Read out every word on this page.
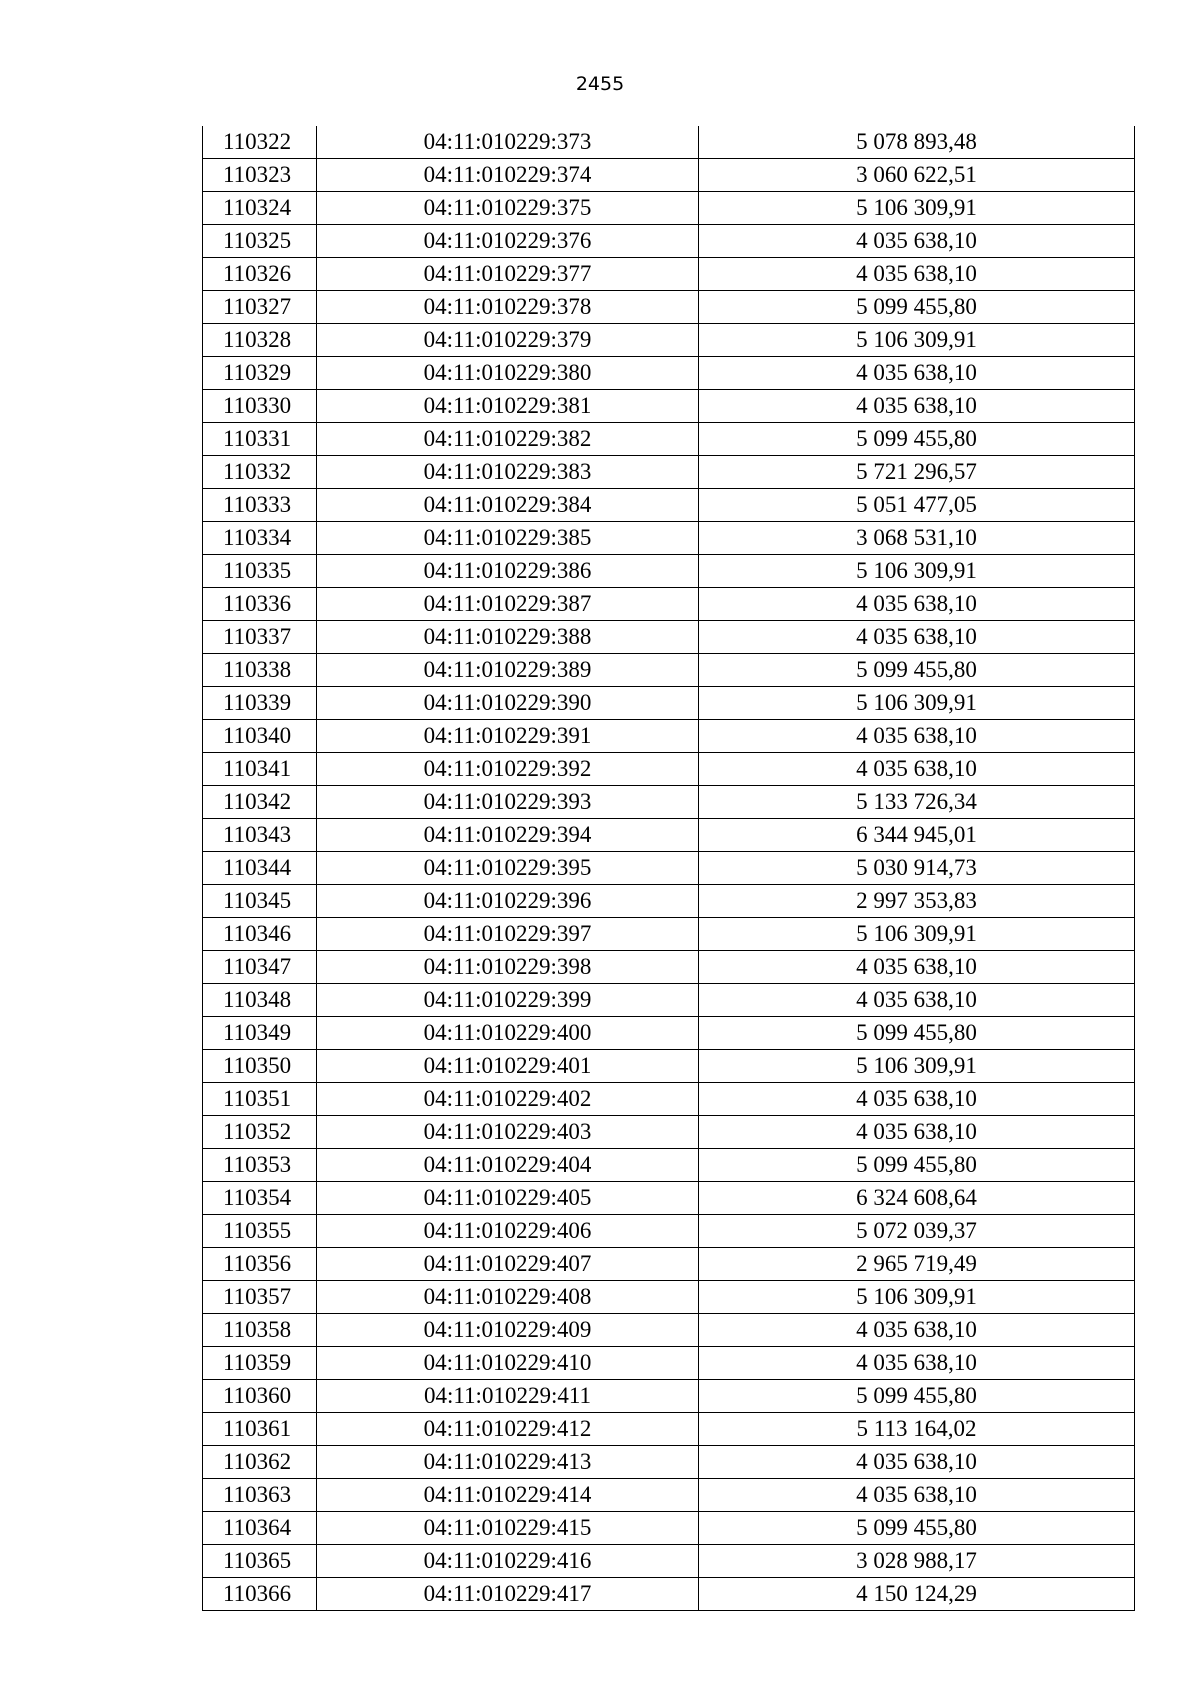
2455
110322	04:11:010229:373	5 078 893,48
110323	04:11:010229:374	3 060 622,51
110324	04:11:010229:375	5 106 309,91
110325	04:11:010229:376	4 035 638,10
110326	04:11:010229:377	4 035 638,10
110327	04:11:010229:378	5 099 455,80
110328	04:11:010229:379	5 106 309,91
110329	04:11:010229:380	4 035 638,10
110330	04:11:010229:381	4 035 638,10
110331	04:11:010229:382	5 099 455,80
110332	04:11:010229:383	5 721 296,57
110333	04:11:010229:384	5 051 477,05
110334	04:11:010229:385	3 068 531,10
110335	04:11:010229:386	5 106 309,91
110336	04:11:010229:387	4 035 638,10
110337	04:11:010229:388	4 035 638,10
110338	04:11:010229:389	5 099 455,80
110339	04:11:010229:390	5 106 309,91
110340	04:11:010229:391	4 035 638,10
110341	04:11:010229:392	4 035 638,10
110342	04:11:010229:393	5 133 726,34
110343	04:11:010229:394	6 344 945,01
110344	04:11:010229:395	5 030 914,73
110345	04:11:010229:396	2 997 353,83
110346	04:11:010229:397	5 106 309,91
110347	04:11:010229:398	4 035 638,10
110348	04:11:010229:399	4 035 638,10
110349	04:11:010229:400	5 099 455,80
110350	04:11:010229:401	5 106 309,91
110351	04:11:010229:402	4 035 638,10
110352	04:11:010229:403	4 035 638,10
110353	04:11:010229:404	5 099 455,80
110354	04:11:010229:405	6 324 608,64
110355	04:11:010229:406	5 072 039,37
110356	04:11:010229:407	2 965 719,49
110357	04:11:010229:408	5 106 309,91
110358	04:11:010229:409	4 035 638,10
110359	04:11:010229:410	4 035 638,10
110360	04:11:010229:411	5 099 455,80
110361	04:11:010229:412	5 113 164,02
110362	04:11:010229:413	4 035 638,10
110363	04:11:010229:414	4 035 638,10
110364	04:11:010229:415	5 099 455,80
110365	04:11:010229:416	3 028 988,17
110366	04:11:010229:417	4 150 124,29
